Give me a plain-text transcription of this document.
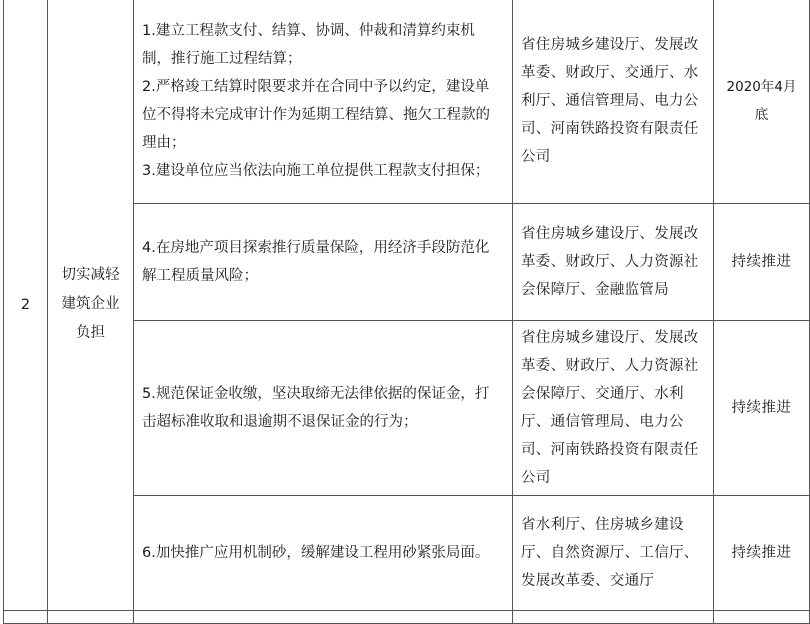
2	切实减轻建筑企业负担	1.建立工程款支付、结算、协调、仲裁和清算约束机制，推行施工过程结算；
2.严格竣工结算时限要求并在合同中予以约定，建设单位不得将未完成审计作为延期工程结算、拖欠工程款的理由；
3.建设单位应当依法向施工单位提供工程款支付担保；	省住房城乡建设厅、发展改革委、财政厅、交通厅、水利厅、通信管理局、电力公司、河南铁路投资有限责任公司	2020年4月底

		4.在房地产项目探索推行质量保险，用经济手段防范化解工程质量风险；	省住房城乡建设厅、发展改革委、财政厅、人力资源社会保障厅、金融监管局	持续推进

		5.规范保证金收缴，坚决取缔无法律依据的保证金，打击超标准收取和退逾期不退保证金的行为；	省住房城乡建设厅、发展改革委、财政厅、人力资源社会保障厅、交通厅、水利厅、通信管理局、电力公司、河南铁路投资有限责任公司	持续推进

		6.加快推广应用机制砂，缓解建设工程用砂紧张局面。	省水利厅、住房城乡建设厅、自然资源厅、工信厅、发展改革委、交通厅	持续推进
